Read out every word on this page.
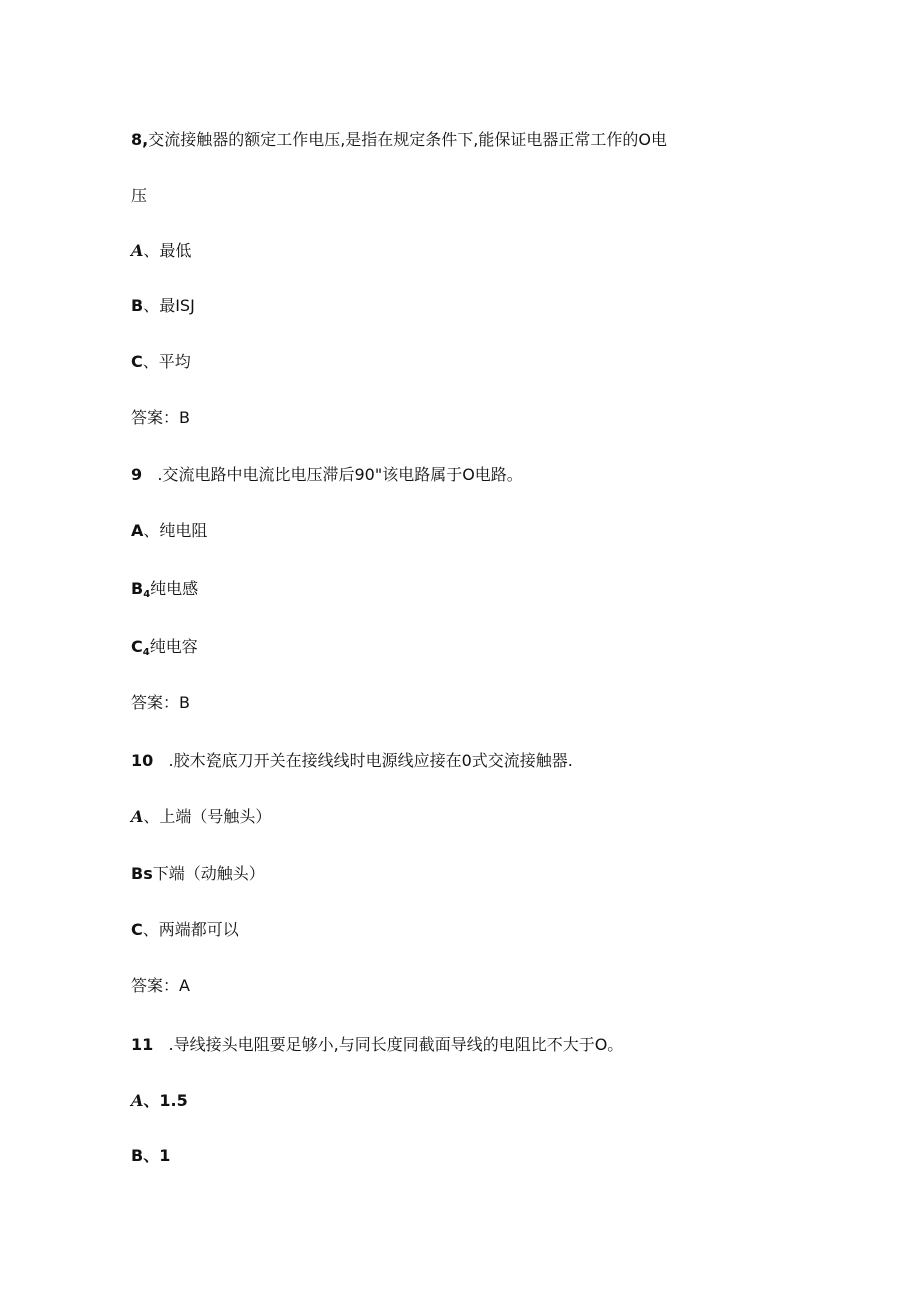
8,交流接触器的额定工作电压,是指在规定条件下,能保证电器正常工作的O电
压
A、最低
B、最ISJ
C、平均
答案：B
9   .交流电路中电流比电压滞后90"该电路属于O电路。
A、纯电阻
$B_4$纯电感
$C_4$纯电容
答案：B
10   .胶木瓷底刀开关在接线线时电源线应接在0式交流接触器.
A、上端（号触头）
Bs下端（动触头）
C、两端都可以
答案：A
11   .导线接头电阻要足够小,与同长度同截面导线的电阻比不大于O。
A、1.5
B、1
